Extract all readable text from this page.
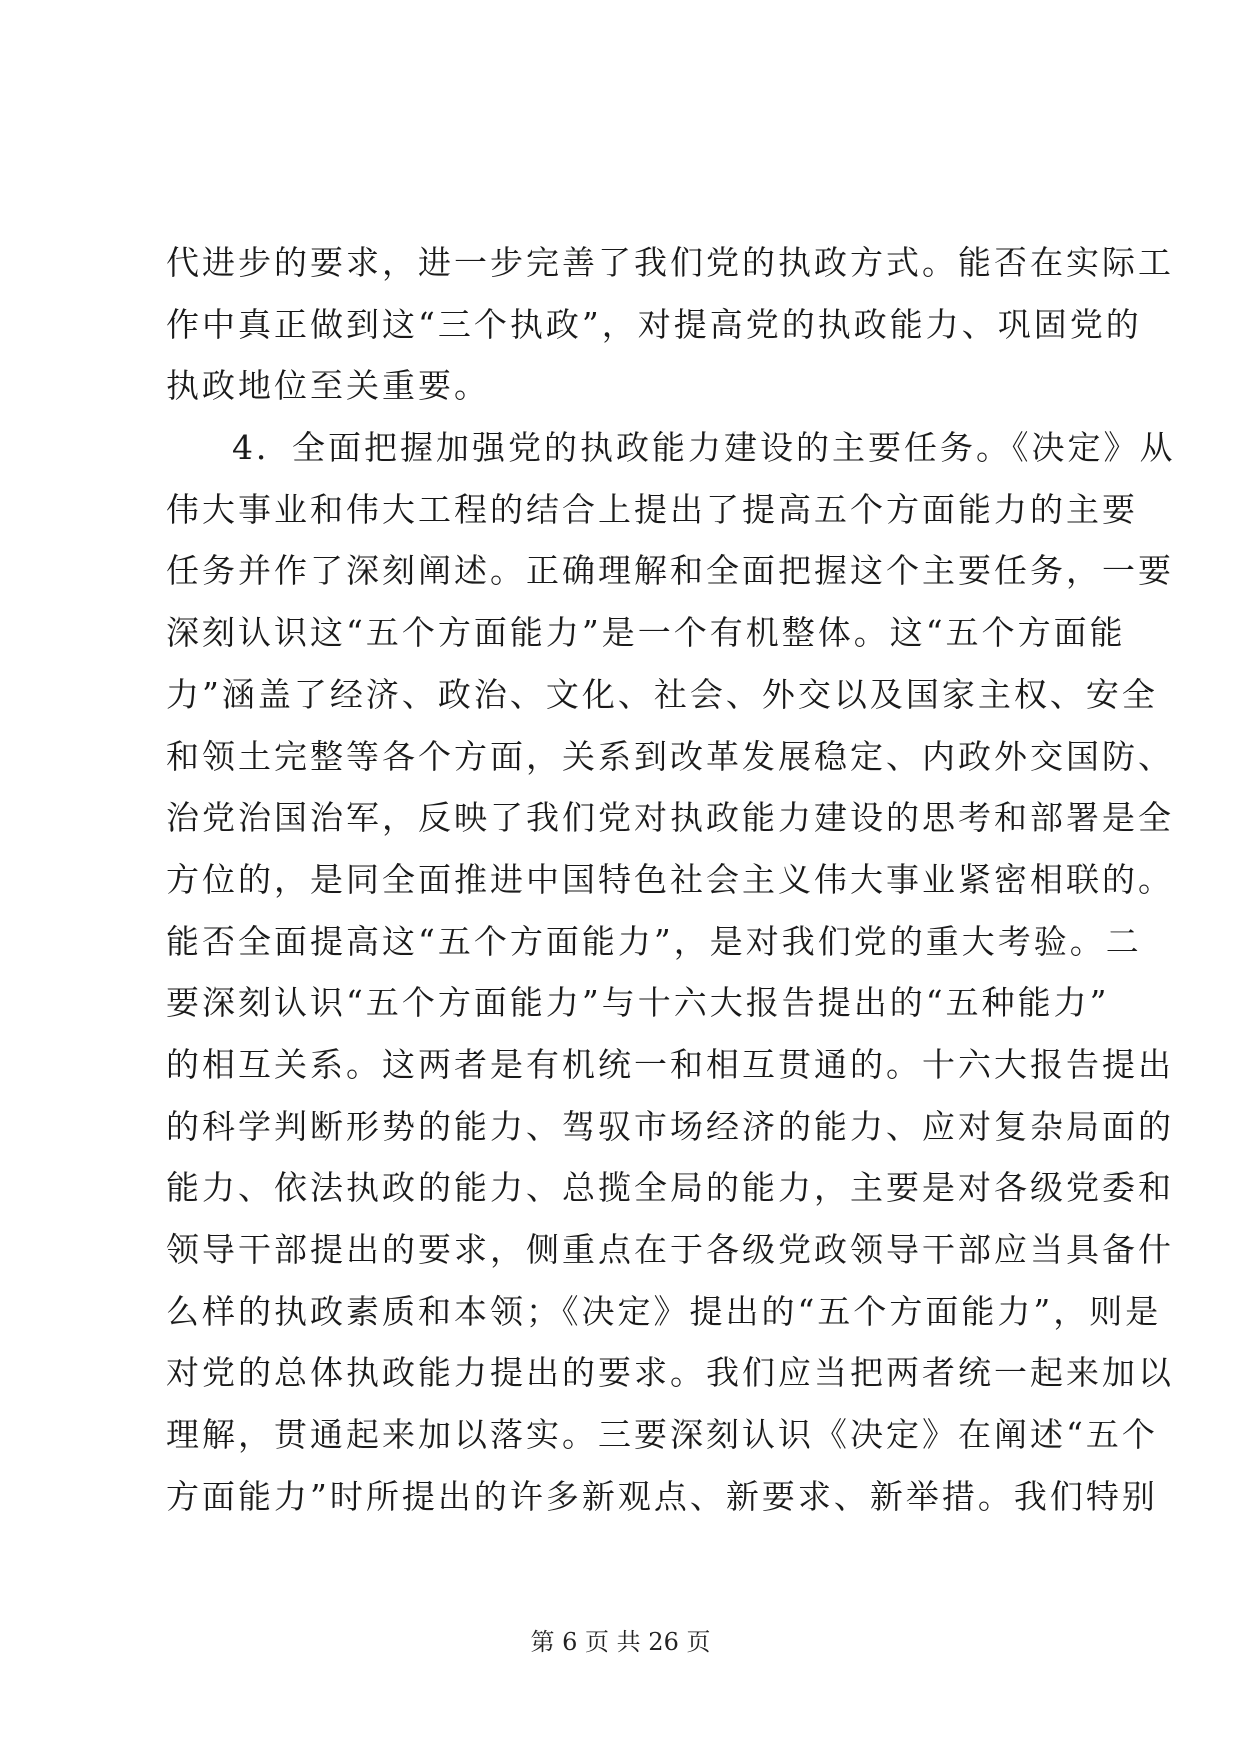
代进步的要求，进一步完善了我们党的执政方式。能否在实际工
作中真正做到这“三个执政”，对提高党的执政能力、巩固党的
执政地位至关重要。
4．全面把握加强党的执政能力建设的主要任务。《决定》从
伟大事业和伟大工程的结合上提出了提高五个方面能力的主要
任务并作了深刻阐述。正确理解和全面把握这个主要任务，一要
深刻认识这“五个方面能力”是一个有机整体。这“五个方面能
力”涵盖了经济、政治、文化、社会、外交以及国家主权、安全
和领土完整等各个方面，关系到改革发展稳定、内政外交国防、
治党治国治军，反映了我们党对执政能力建设的思考和部署是全
方位的，是同全面推进中国特色社会主义伟大事业紧密相联的。
能否全面提高这“五个方面能力”，是对我们党的重大考验。二
要深刻认识“五个方面能力”与十六大报告提出的“五种能力”
的相互关系。这两者是有机统一和相互贯通的。十六大报告提出
的科学判断形势的能力、驾驭市场经济的能力、应对复杂局面的
能力、依法执政的能力、总揽全局的能力，主要是对各级党委和
领导干部提出的要求，侧重点在于各级党政领导干部应当具备什
么样的执政素质和本领；《决定》提出的“五个方面能力”，则是
对党的总体执政能力提出的要求。我们应当把两者统一起来加以
理解，贯通起来加以落实。三要深刻认识《决定》在阐述“五个
方面能力”时所提出的许多新观点、新要求、新举措。我们特别
第 6 页 共 26 页
